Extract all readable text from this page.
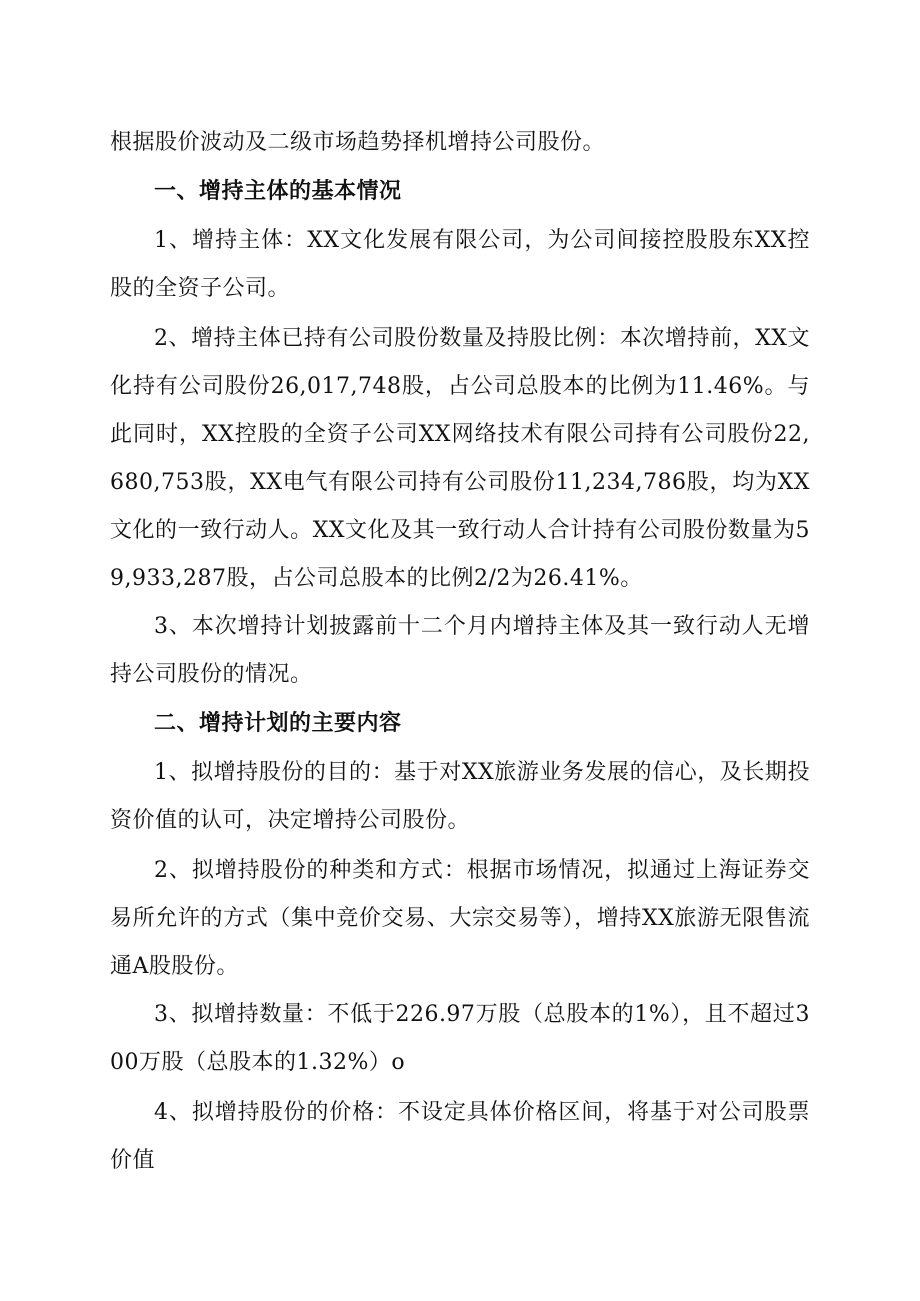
根据股价波动及二级市场趋势择机增持公司股份。

一、增持主体的基本情况

1、增持主体：XX文化发展有限公司，为公司间接控股股东XX控股的全资子公司。

2、增持主体已持有公司股份数量及持股比例：本次增持前，XX文化持有公司股份26,017,748股，占公司总股本的比例为11.46%。与此同时，XX控股的全资子公司XX网络技术有限公司持有公司股份22,680,753股，XX电气有限公司持有公司股份11,234,786股，均为XX文化的一致行动人。XX文化及其一致行动人合计持有公司股份数量为59,933,287股，占公司总股本的比例2/2为26.41%。

3、本次增持计划披露前十二个月内增持主体及其一致行动人无增持公司股份的情况。

二、增持计划的主要内容

1、拟增持股份的目的：基于对XX旅游业务发展的信心，及长期投资价值的认可，决定增持公司股份。

2、拟增持股份的种类和方式：根据市场情况，拟通过上海证券交易所允许的方式（集中竞价交易、大宗交易等），增持XX旅游无限售流通A股股份。

3、拟增持数量：不低于226.97万股（总股本的1%），且不超过300万股（总股本的1.32%）o

4、拟增持股份的价格：不设定具体价格区间，将基于对公司股票价值
